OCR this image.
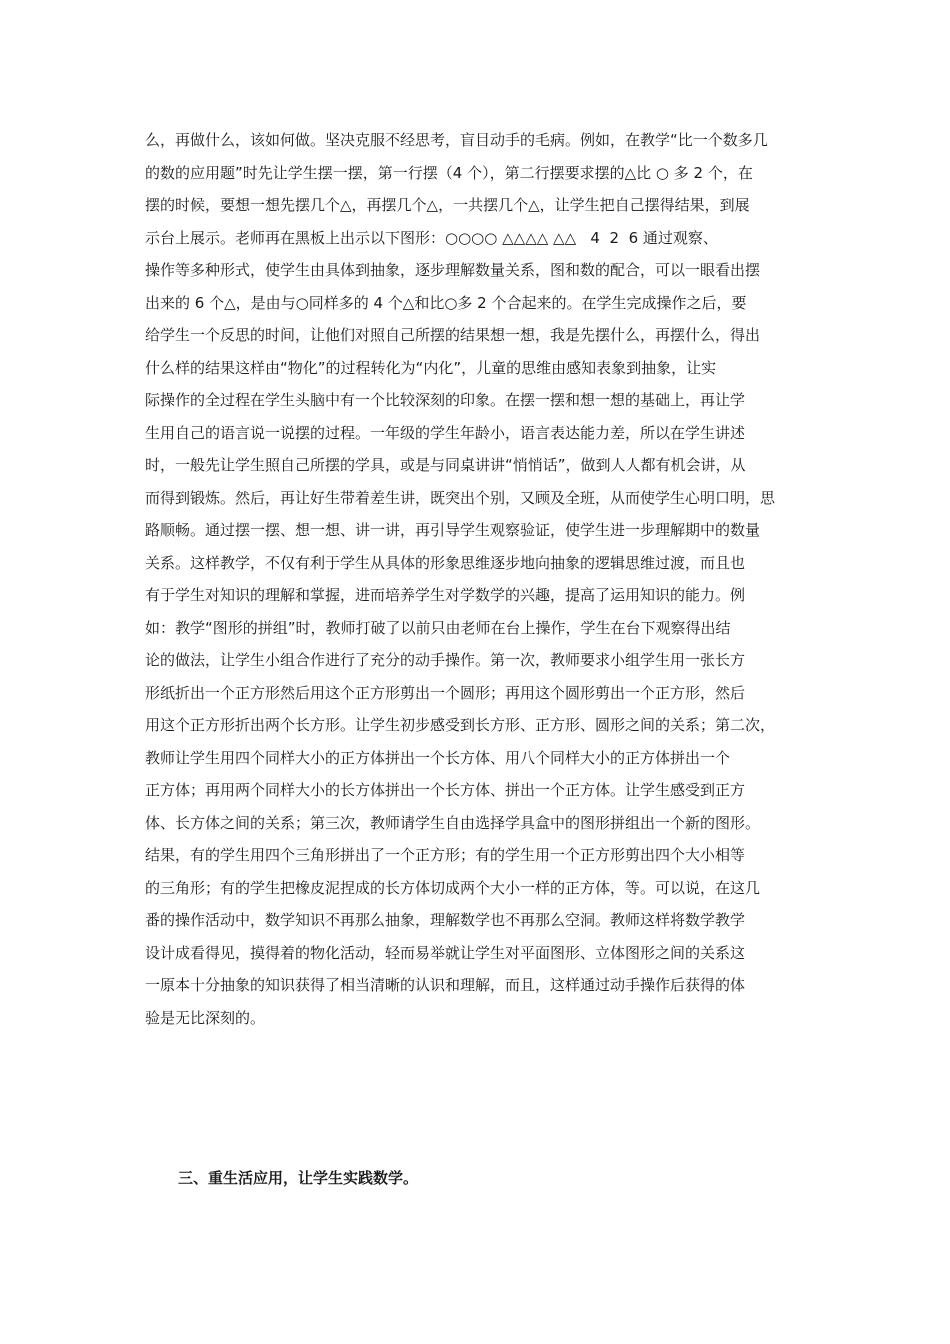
么，再做什么，该如何做。坚决克服不经思考，盲目动手的毛病。例如，在教学“比一个数多几
的数的应用题”时先让学生摆一摆，第一行摆（4 个），第二行摆要求摆的△比 ○ 多 2 个，在
摆的时候，要想一想先摆几个△，再摆几个△，一共摆几个△，让学生把自己摆得结果，到展
示台上展示。老师再在黑板上出示以下图形：○○○○ △△△△ △△   4  2  6 通过观察、
操作等多种形式，使学生由具体到抽象，逐步理解数量关系，图和数的配合，可以一眼看出摆
出来的 6 个△，是由与○同样多的 4 个△和比○多 2 个合起来的。在学生完成操作之后，要
给学生一个反思的时间，让他们对照自己所摆的结果想一想，我是先摆什么，再摆什么，得出
什么样的结果这样由“物化”的过程转化为“内化”，儿童的思维由感知表象到抽象，让实
际操作的全过程在学生头脑中有一个比较深刻的印象。在摆一摆和想一想的基础上，再让学
生用自己的语言说一说摆的过程。一年级的学生年龄小，语言表达能力差，所以在学生讲述
时，一般先让学生照自己所摆的学具，或是与同桌讲讲“悄悄话”，做到人人都有机会讲，从
而得到锻炼。然后，再让好生带着差生讲，既突出个别，又顾及全班，从而使学生心明口明，思
路顺畅。通过摆一摆、想一想、讲一讲，再引导学生观察验证，使学生进一步理解期中的数量
关系。这样教学，不仅有利于学生从具体的形象思维逐步地向抽象的逻辑思维过渡，而且也
有于学生对知识的理解和掌握，进而培养学生对学数学的兴趣，提高了运用知识的能力。例
如：教学“图形的拼组”时，教师打破了以前只由老师在台上操作，学生在台下观察得出结
论的做法，让学生小组合作进行了充分的动手操作。第一次，教师要求小组学生用一张长方
形纸折出一个正方形然后用这个正方形剪出一个圆形；再用这个圆形剪出一个正方形，然后
用这个正方形折出两个长方形。让学生初步感受到长方形、正方形、圆形之间的关系；第二次，
教师让学生用四个同样大小的正方体拼出一个长方体、用八个同样大小的正方体拼出一个
正方体；再用两个同样大小的长方体拼出一个长方体、拼出一个正方体。让学生感受到正方
体、长方体之间的关系；第三次，教师请学生自由选择学具盒中的图形拼组出一个新的图形。
结果，有的学生用四个三角形拼出了一个正方形；有的学生用一个正方形剪出四个大小相等
的三角形；有的学生把橡皮泥捏成的长方体切成两个大小一样的正方体，等。可以说，在这几
番的操作活动中，数学知识不再那么抽象，理解数学也不再那么空洞。教师这样将数学教学
设计成看得见，摸得着的物化活动，轻而易举就让学生对平面图形、立体图形之间的关系这
一原本十分抽象的知识获得了相当清晰的认识和理解，而且，这样通过动手操作后获得的体
验是无比深刻的。
三、重生活应用，让学生实践数学。
